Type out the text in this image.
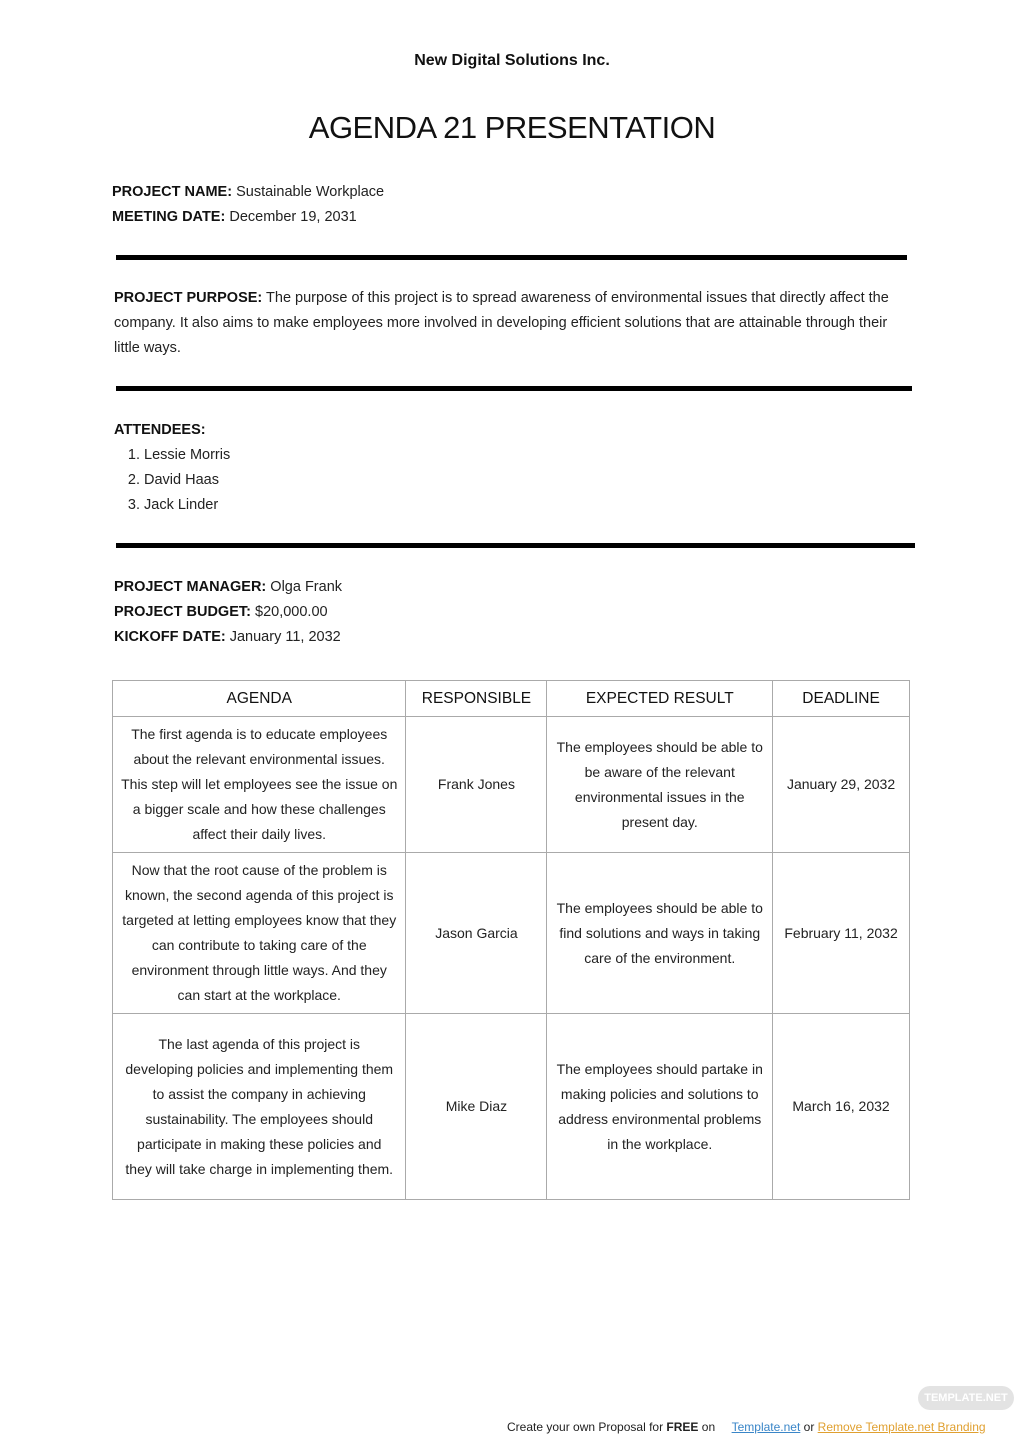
New Digital Solutions Inc.
AGENDA 21 PRESENTATION
PROJECT NAME: Sustainable Workplace
MEETING DATE: December 19, 2031
PROJECT PURPOSE: The purpose of this project is to spread awareness of environmental issues that directly affect the company. It also aims to make employees more involved in developing efficient solutions that are attainable through their little ways.
ATTENDEES:
1. Lessie Morris
2. David Haas
3. Jack Linder
PROJECT MANAGER: Olga Frank
PROJECT BUDGET: $20,000.00
KICKOFF DATE: January 11, 2032
AGENDA	RESPONSIBLE	EXPECTED RESULT	DEADLINE
The first agenda is to educate employees about the relevant environmental issues. This step will let employees see the issue on a bigger scale and how these challenges affect their daily lives.	Frank Jones	The employees should be able to be aware of the relevant environmental issues in the present day.	January 29, 2032
Now that the root cause of the problem is known, the second agenda of this project is targeted at letting employees know that they can contribute to taking care of the environment through little ways. And they can start at the workplace.	Jason Garcia	The employees should be able to find solutions and ways in taking care of the environment.	February 11, 2032
The last agenda of this project is developing policies and implementing them to assist the company in achieving sustainability. The employees should participate in making these policies and they will take charge in implementing them.	Mike Diaz	The employees should partake in making policies and solutions to address environmental problems in the workplace.	March 16, 2032
TEMPLATE.NET
Create your own Proposal for FREE on Template.net or Remove Template.net Branding
